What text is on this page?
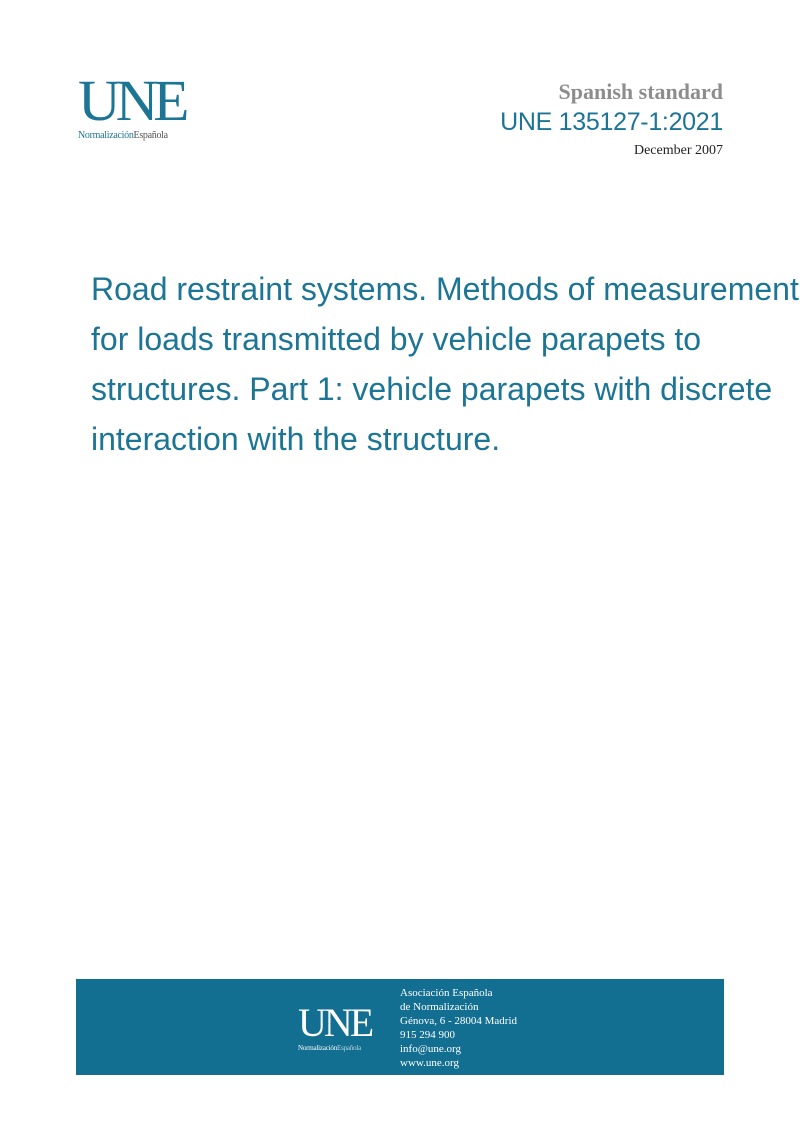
UNE
NormalizaciónEspañola
Spanish standard
UNE 135127-1:2021
December 2007
Road restraint systems. Methods of measurement
for loads transmitted by vehicle parapets to
structures. Part 1: vehicle parapets with discrete
interaction with the structure.
UNE
NormalizaciónEspañola
Asociación Española
de Normalización
Génova, 6 - 28004 Madrid
915 294 900
info@une.org
www.une.org
